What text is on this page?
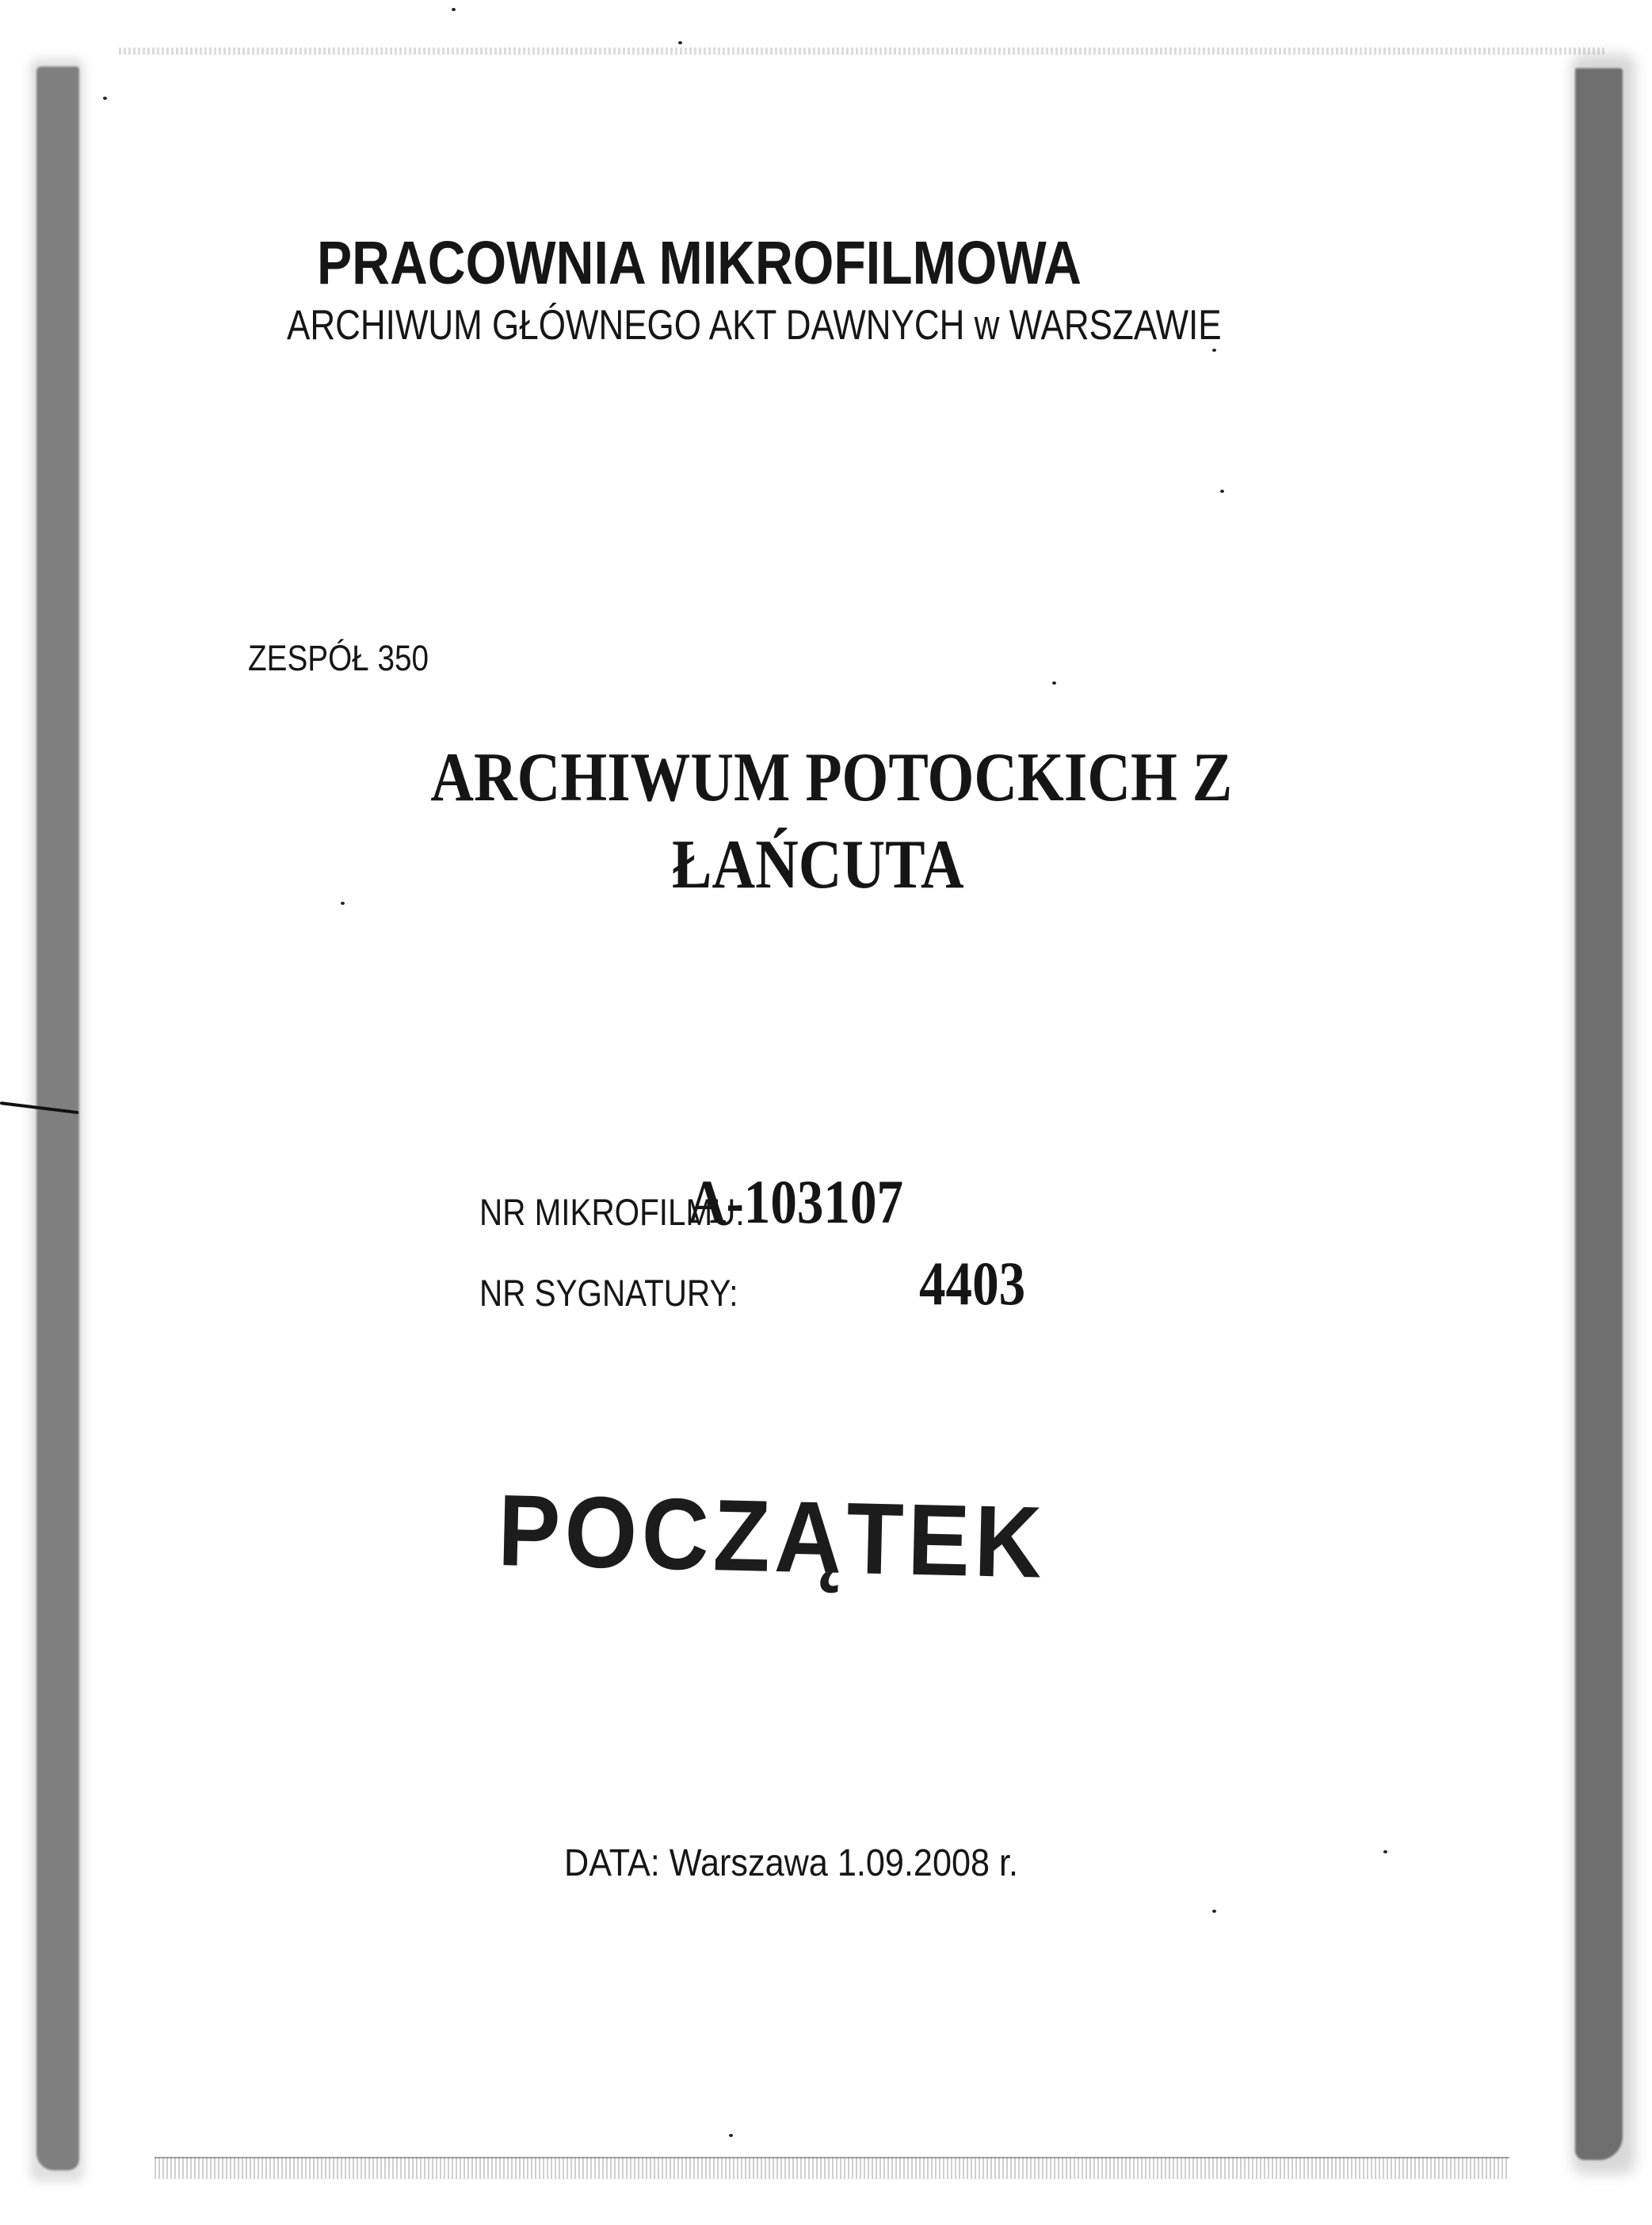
PRACOWNIA MIKROFILMOWA
ARCHIWUM GŁÓWNEGO AKT DAWNYCH w WARSZAWIE
ZESPÓŁ 350
ARCHIWUM POTOCKICH Z
ŁAŃCUTA
NR MIKROFILMU:
A-103107
NR SYGNATURY:	4403
POCZĄTEK
DATA: Warszawa 1.09.2008 r.
